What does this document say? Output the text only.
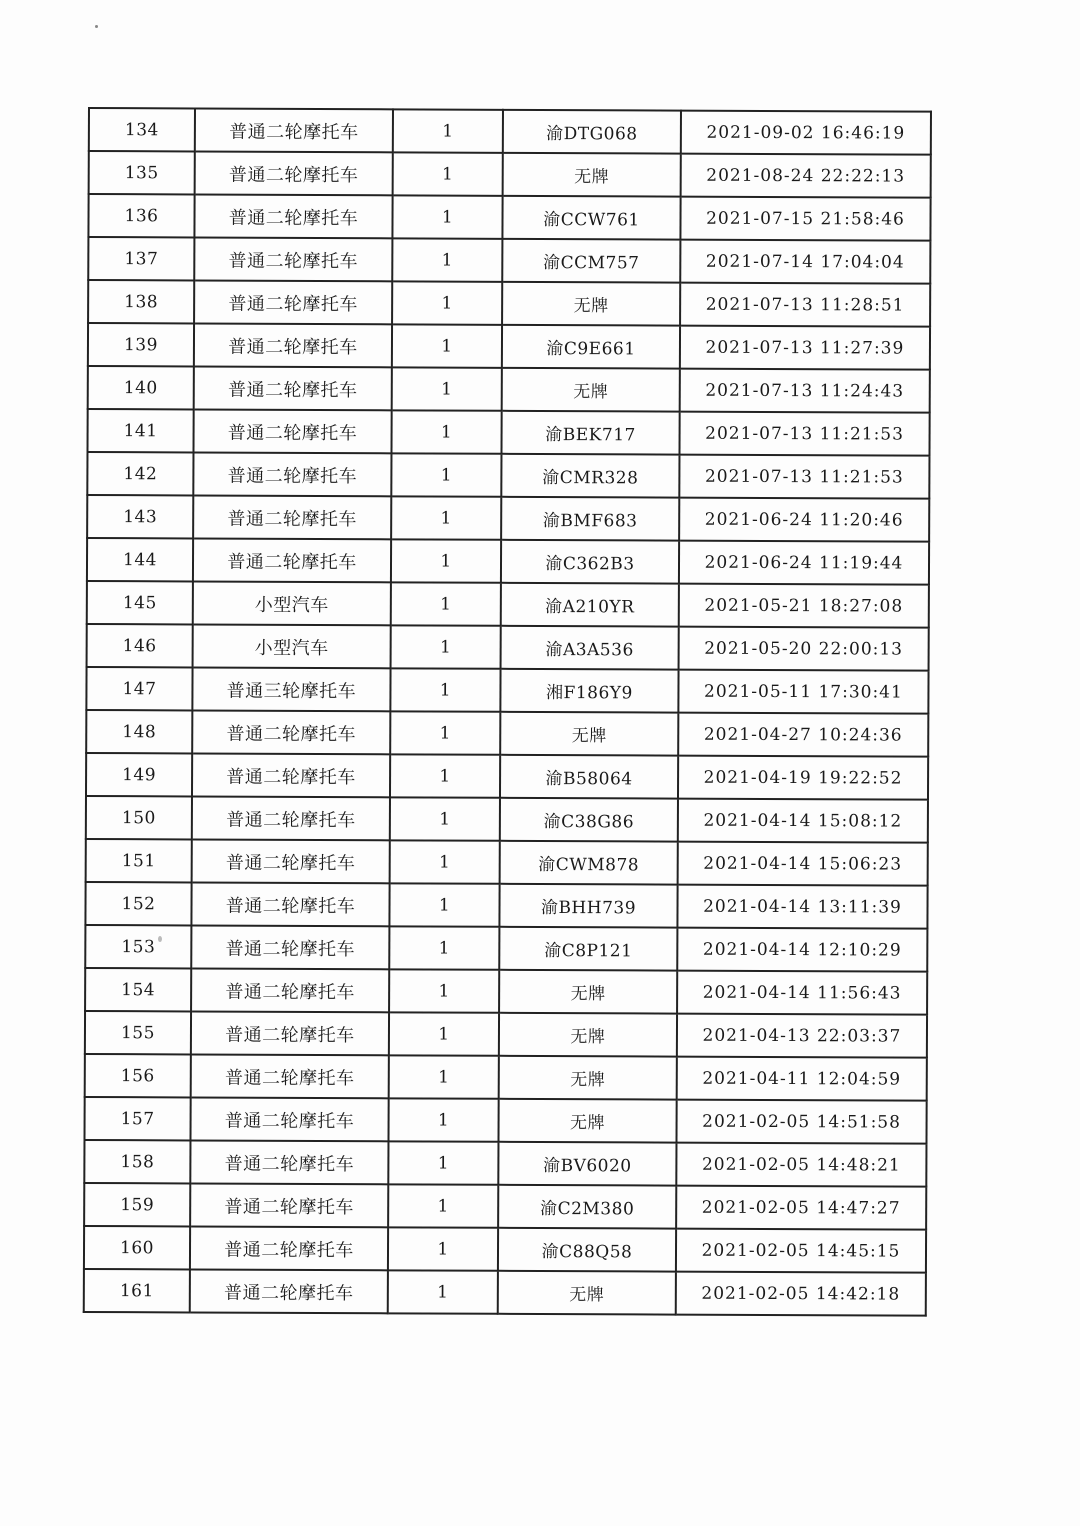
134	普通二轮摩托车	1	渝DTG068	2021-09-02 16:46:19
135	普通二轮摩托车	1	无牌	2021-08-24 22:22:13
136	普通二轮摩托车	1	渝CCW761	2021-07-15 21:58:46
137	普通二轮摩托车	1	渝CCM757	2021-07-14 17:04:04
138	普通二轮摩托车	1	无牌	2021-07-13 11:28:51
139	普通二轮摩托车	1	渝C9E661	2021-07-13 11:27:39
140	普通二轮摩托车	1	无牌	2021-07-13 11:24:43
141	普通二轮摩托车	1	渝BEK717	2021-07-13 11:21:53
142	普通二轮摩托车	1	渝CMR328	2021-07-13 11:21:53
143	普通二轮摩托车	1	渝BMF683	2021-06-24 11:20:46
144	普通二轮摩托车	1	渝C362B3	2021-06-24 11:19:44
145	小型汽车	1	渝A210YR	2021-05-21 18:27:08
146	小型汽车	1	渝A3A536	2021-05-20 22:00:13
147	普通三轮摩托车	1	湘F186Y9	2021-05-11 17:30:41
148	普通二轮摩托车	1	无牌	2021-04-27 10:24:36
149	普通二轮摩托车	1	渝B58064	2021-04-19 19:22:52
150	普通二轮摩托车	1	渝C38G86	2021-04-14 15:08:12
151	普通二轮摩托车	1	渝CWM878	2021-04-14 15:06:23
152	普通二轮摩托车	1	渝BHH739	2021-04-14 13:11:39
153	普通二轮摩托车	1	渝C8P121	2021-04-14 12:10:29
154	普通二轮摩托车	1	无牌	2021-04-14 11:56:43
155	普通二轮摩托车	1	无牌	2021-04-13 22:03:37
156	普通二轮摩托车	1	无牌	2021-04-11 12:04:59
157	普通二轮摩托车	1	无牌	2021-02-05 14:51:58
158	普通二轮摩托车	1	渝BV6020	2021-02-05 14:48:21
159	普通二轮摩托车	1	渝C2M380	2021-02-05 14:47:27
160	普通二轮摩托车	1	渝C88Q58	2021-02-05 14:45:15
161	普通二轮摩托车	1	无牌	2021-02-05 14:42:18
